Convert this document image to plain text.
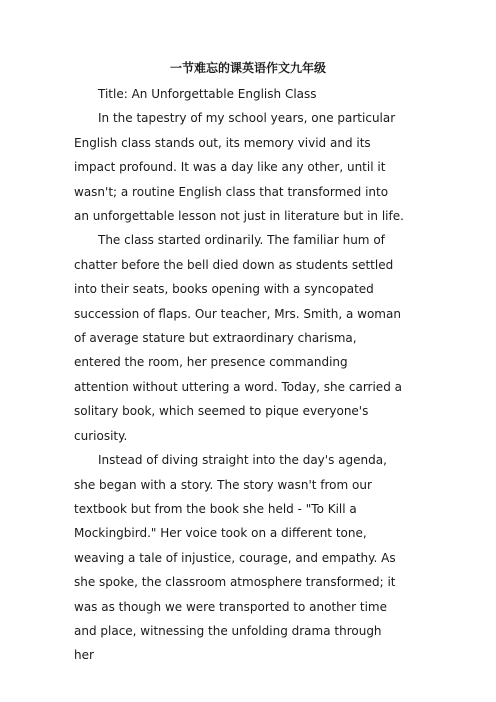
一节难忘的课英语作文九年级

Title: An Unforgettable English Class

In the tapestry of my school years, one particular English class stands out, its memory vivid and its impact profound. It was a day like any other, until it wasn't; a routine English class that transformed into an unforgettable lesson not just in literature but in life.

The class started ordinarily. The familiar hum of chatter before the bell died down as students settled into their seats, books opening with a syncopated succession of flaps. Our teacher, Mrs. Smith, a woman of average stature but extraordinary charisma, entered the room, her presence commanding attention without uttering a word. Today, she carried a solitary book, which seemed to pique everyone's curiosity.

Instead of diving straight into the day's agenda, she began with a story. The story wasn't from our textbook but from the book she held - "To Kill a Mockingbird." Her voice took on a different tone, weaving a tale of injustice, courage, and empathy. As she spoke, the classroom atmosphere transformed; it was as though we were transported to another time and place, witnessing the unfolding drama through her
